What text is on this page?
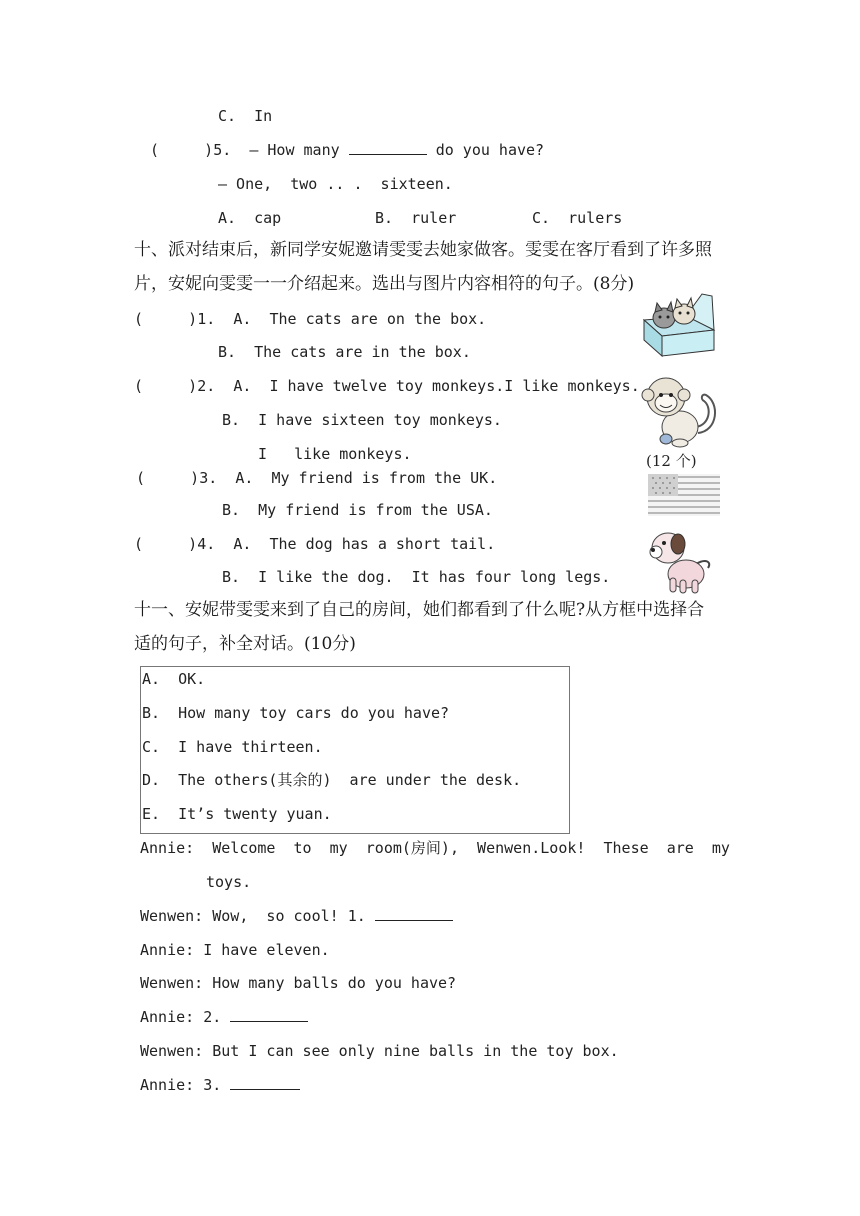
C.  In
(     )5.  — How many	do you have?
— One,  two .. .  sixteen.
A.  cap	B.  ruler	C.  rulers
十、派对结束后，新同学安妮邀请雯雯去她家做客。雯雯在客厅看到了许多照
片，安妮向雯雯一一介绍起来。选出与图片内容相符的句子。(8分)
(     )1.  A.  The cats are on the box.
B.  The cats are in the box.
(     )2.  A.  I have twelve toy monkeys.I like monkeys.
B.  I have sixteen toy monkeys.
I   like monkeys.
(     )3.  A.  My friend is from the UK.
B.  My friend is from the USA.
(     )4.  A.  The dog has a short tail.
B.  I like the dog.  It has four long legs.
(12 个)
十一、安妮带雯雯来到了自己的房间，她们都看到了什么呢?从方框中选择合
适的句子，补全对话。(10分)
A.  OK.
B.  How many toy cars do you have?
C.  I have thirteen.
D.  The others(其余的)  are under the desk.
E.  It’s twenty yuan.
Annie:  Welcome  to  my  room(房间),  Wenwen.Look!  These  are  my
toys.
Wenwen: Wow,  so cool! 1.
Annie: I have eleven.
Wenwen: How many balls do you have?
Annie: 2.
Wenwen: But I can see only nine balls in the toy box.
Annie: 3.
